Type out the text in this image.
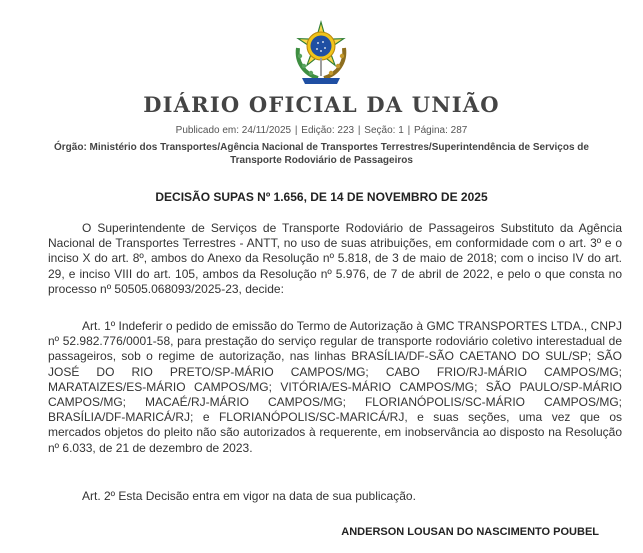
DIÁRIO OFICIAL DA UNIÃO
Publicado em: 24/11/2025 | Edição: 223 | Seção: 1 | Página: 287
Órgão: Ministério dos Transportes/Agência Nacional de Transportes Terrestres/Superintendência de Serviços de Transporte Rodoviário de Passageiros
DECISÃO SUPAS Nº 1.656, DE 14 DE NOVEMBRO DE 2025

O Superintendente de Serviços de Transporte Rodoviário de Passageiros Substituto da Agência Nacional de Transportes Terrestres - ANTT, no uso de suas atribuições, em conformidade com o art. 3º e o inciso X do art. 8º, ambos do Anexo da Resolução nº 5.818, de 3 de maio de 2018; com o inciso IV do art. 29, e inciso VIII do art. 105, ambos da Resolução nº 5.976, de 7 de abril de 2022, e pelo o que consta no processo nº 50505.068093/2025-23, decide:

Art. 1º Indeferir o pedido de emissão do Termo de Autorização à GMC TRANSPORTES LTDA., CNPJ nº 52.982.776/0001-58, para prestação do serviço regular de transporte rodoviário coletivo interestadual de passageiros, sob o regime de autorização, nas linhas BRASÍLIA/DF-SÃO CAETANO DO SUL/SP; SÃO JOSÉ DO RIO PRETO/SP-MÁRIO CAMPOS/MG; CABO FRIO/RJ-MÁRIO CAMPOS/MG; MARATAIZES/ES-MÁRIO CAMPOS/MG; VITÓRIA/ES-MÁRIO CAMPOS/MG; SÃO PAULO/SP-MÁRIO CAMPOS/MG; MACAÉ/RJ-MÁRIO CAMPOS/MG; FLORIANÓPOLIS/SC-MÁRIO CAMPOS/MG; BRASÍLIA/DF-MARICÁ/RJ; e FLORIANÓPOLIS/SC-MARICÁ/RJ, e suas seções, uma vez que os mercados objetos do pleito não são autorizados à requerente, em inobservância ao disposto na Resolução nº 6.033, de 21 de dezembro de 2023.

Art. 2º Esta Decisão entra em vigor na data de sua publicação.

ANDERSON LOUSAN DO NASCIMENTO POUBEL
